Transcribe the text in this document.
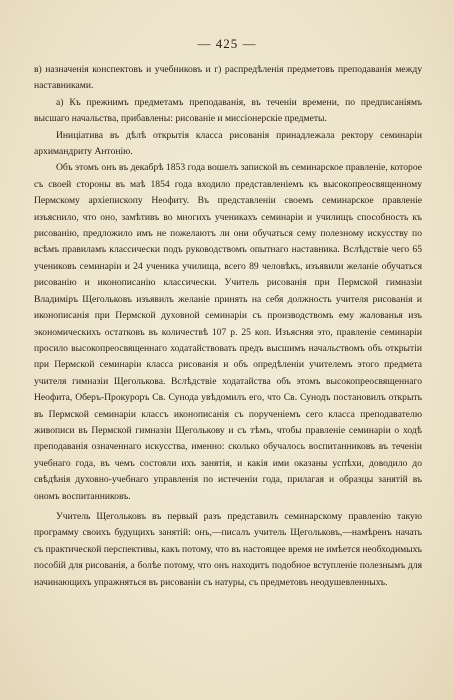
— 425 —

в) назначенія конспектовъ и учебниковъ и г) распредѣленія предметовъ преподаванія между наставниками.

а) Къ прежнимъ предметамъ преподаванія, въ теченіи времени, по предписаніямъ высшаго начальства, прибавлены: рисованіе и миссіонерскіе предметы.

Иниціатива въ дѣлѣ открытія класса рисованія принадлежала ректору семинаріи архимандриту Антонію.

Объ этомъ онъ въ декабрѣ 1853 года вошелъ запиской въ семинарское правленіе, которое съ своей стороны въ маѣ 1854 года входило представленіемъ къ высокопреосвященному Пермскому архіепископу Неофиту. Въ представленіи своемъ семинарское правленіе изъяснило, что оно, замѣтивъ во многихъ ученикахъ семинаріи и училищъ способность къ рисованію, предложило имъ не пожелаютъ ли они обучаться сему полезному искусству по всѣмъ правиламъ классически подъ руководствомъ опытнаго наставника. Вслѣдствіе чего 65 учениковъ семинаріи и 24 ученика училища, всего 89 человѣкъ, изъявили желаніе обучаться рисованію и иконописанію классически. Учитель рисованія при Пермской гимназіи Владиміръ Щегольковъ изъявилъ желаніе принять на себя должность учителя рисованія и иконописанія при Пермской духовной семинаріи съ производствомъ ему жалованья изъ экономическихъ остатковъ въ количествѣ 107 р. 25 коп. Изъясняя это, правленіе семинаріи просило высокопреосвященнаго ходатайствовать предъ высшимъ начальствомъ объ открытіи при Пермской семинаріи класса рисованія и объ опредѣленіи учителемъ этого предмета учителя гимназіи Щеголькова. Вслѣдствіе ходатайства объ этомъ высокопреосвященнаго Неофита, Оберъ-Прокуроръ Св. Сунода увѣдомилъ его, что Св. Сунодъ постановилъ открыть въ Пермской семинаріи классъ иконописанія съ порученіемъ сего класса преподавателю живописи въ Пермской гимназіи Щеголькову и съ тѣмъ, чтобы правленіе семинаріи о ходѣ преподаванія означеннаго искусства, именно: сколько обучалось воспитанниковъ въ теченіи учебнаго года, въ чемъ состояли ихъ занятія, и какія ими оказаны успѣхи, доводило до свѣдѣнія духовно-учебнаго управленія по истеченіи года, прилагая и образцы занятій въ ономъ воспитанниковъ.

Учитель Щегольковъ въ первый разъ представилъ семинарскому правленію такую программу своихъ будущихъ занятій: онъ,—писалъ учитель Щегольковъ,—намѣренъ начать съ практической перспективы, какъ потому, что въ настоящее время не имѣется необходимыхъ пособій для рисованія, а болѣе потому, что онъ находитъ подобное вступленіе полезнымъ для начинающихъ упражняться въ рисованіи съ натуры, съ предметовъ неодушевленныхъ.
